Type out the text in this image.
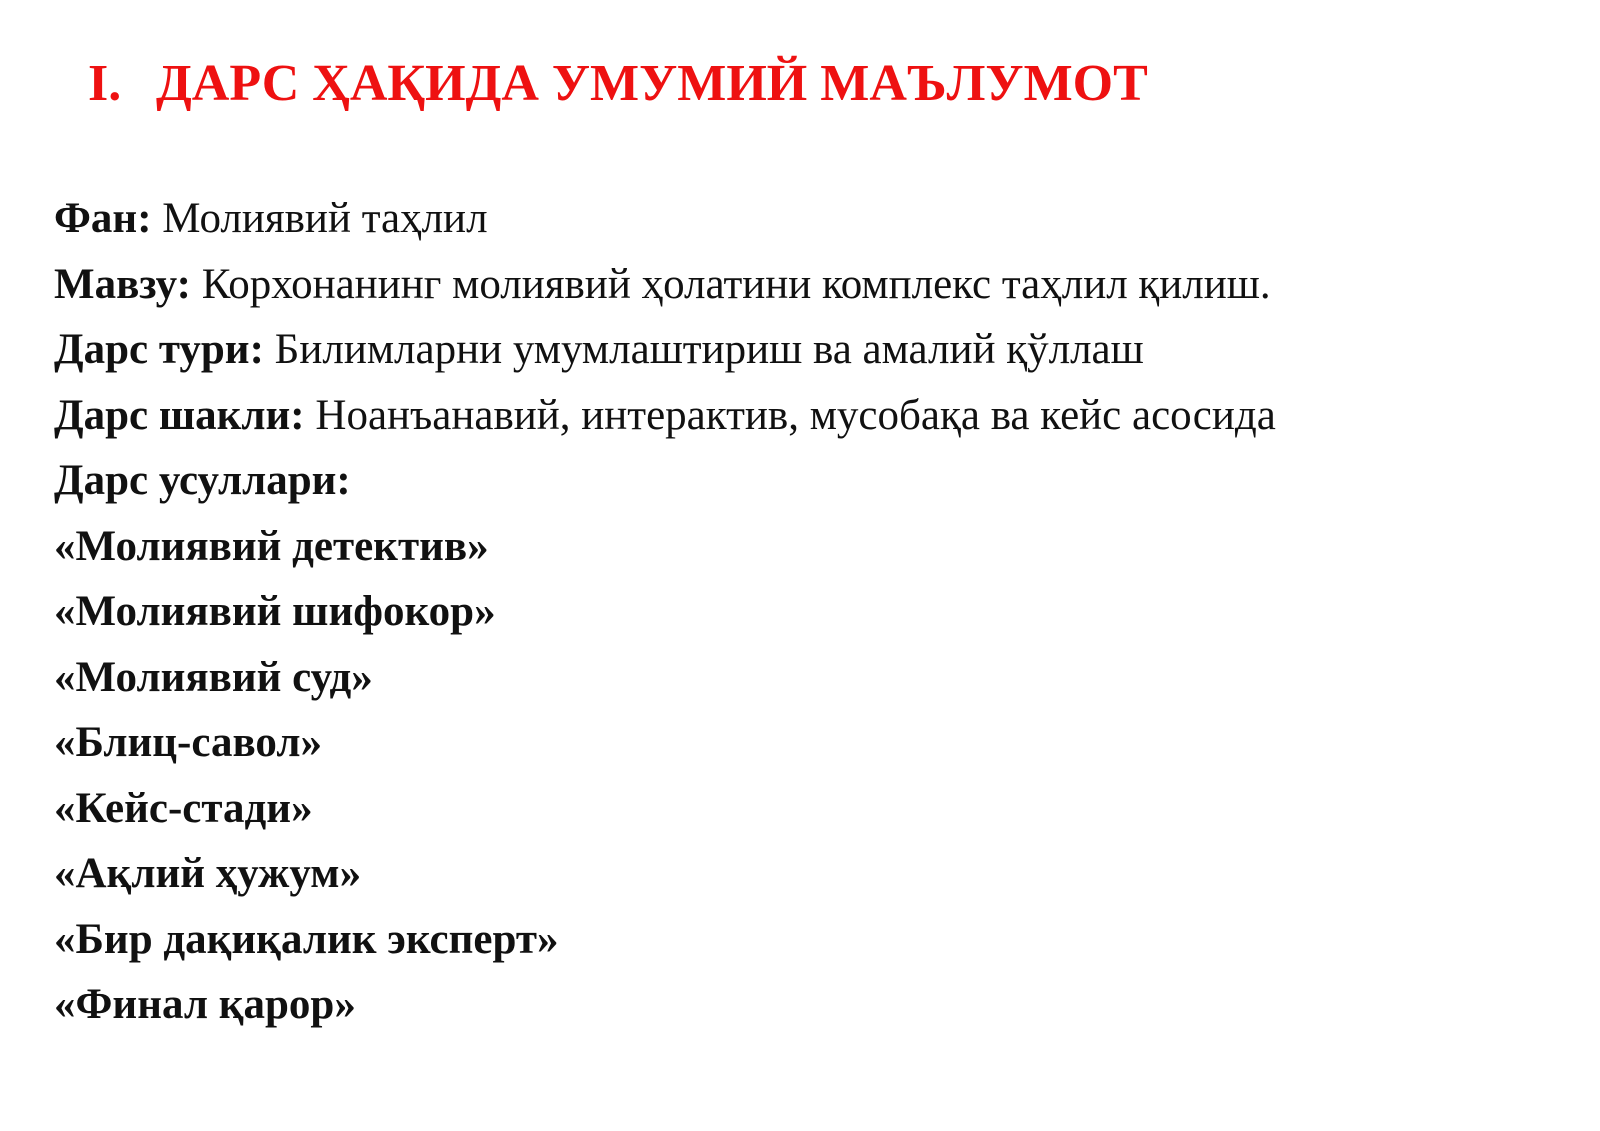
I. ДАРС ҲАҚИДА УМУМИЙ МАЪЛУМОТ
Фан: Молиявий таҳлил
Мавзу: Корхонанинг молиявий ҳолатини комплекс таҳлил қилиш.
Дарс тури: Билимларни умумлаштириш ва амалий қўллаш
Дарс шакли: Ноанъанавий, интерактив, мусобақа ва кейс асосида
Дарс усуллари:
«Молиявий детектив»
«Молиявий шифокор»
«Молиявий суд»
«Блиц-савол»
«Кейс-стади»
«Ақлий ҳужум»
«Бир дақиқалик эксперт»
«Финал қарор»
